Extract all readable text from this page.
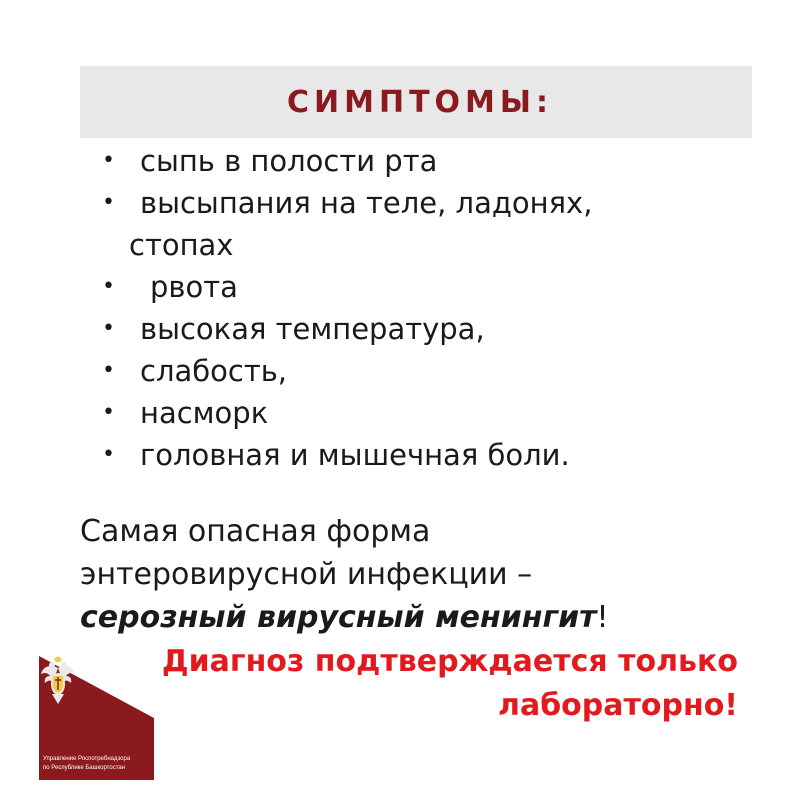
СИМПТОМЫ:
• сыпь в полости рта
• высыпания на теле, ладонях,
стопах
• рвота
• высокая температура,
• слабость,
• насморк
• головная и мышечная боли.
Самая опасная форма
энтеровирусной инфекции –
серозный вирусный менингит!
Диагноз подтверждается только
лабораторно!
Управление Роспотребнадзора
по Республике Башкортостан
